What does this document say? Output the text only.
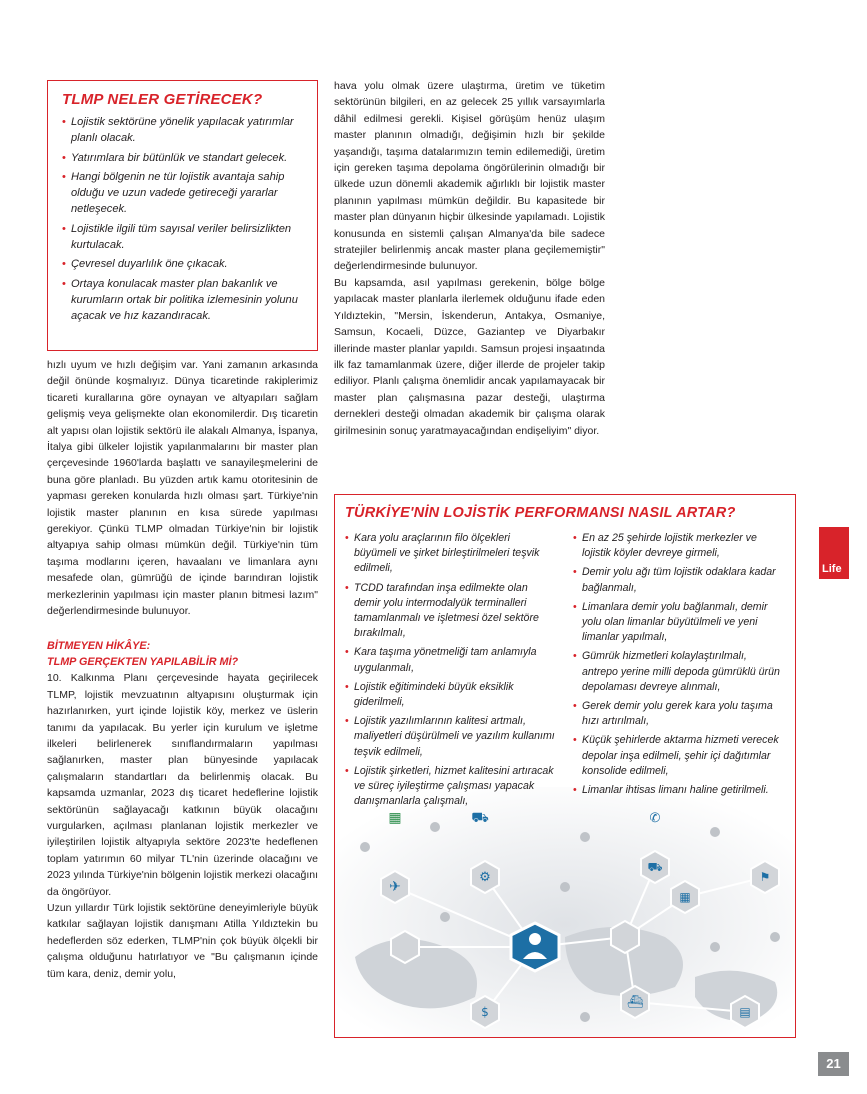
TLMP NELER GETİRECEK?
• Lojistik sektörüne yönelik yapılacak yatırımlar planlı olacak.
• Yatırımlara bir bütünlük ve standart gelecek.
• Hangi bölgenin ne tür lojistik avantaja sahip olduğu ve uzun vadede getireceği yararlar netleşecek.
• Lojistikle ilgili tüm sayısal veriler belirsizlikten kurtulacak.
• Çevresel duyarlılık öne çıkacak.
• Ortaya konulacak master plan bakanlık ve kurumların ortak bir politika izlemesinin yolunu açacak ve hız kazandıracak.

hızlı uyum ve hızlı değişim var. Yani zamanın arkasında değil önünde koşmalıyız. Dünya ticaretinde rakiplerimiz ticareti kurallarına göre oynayan ve altyapıları sağlam gelişmiş veya gelişmekte olan ekonomilerdir. Dış ticaretin alt yapısı olan lojistik sektörü ile alakalı Almanya, İspanya, İtalya gibi ülkeler lojistik yapılanmalarını bir master plan çerçevesinde 1960'larda başlattı ve sanayileşmelerini de buna göre planladı. Bu yüzden artık kamu otoritesinin de yapması gereken konularda hızlı olması şart. Türkiye'nin lojistik master planının en kısa sürede yapılması gerekiyor. Çünkü TLMP olmadan Türkiye'nin bir lojistik altyapıya sahip olması mümkün değil. Türkiye'nin tüm taşıma modlarını içeren, havaalanı ve limanlara aynı mesafede olan, gümrüğü de içinde barındıran lojistik merkezlerinin yapılması için master planın bitmesi lazım" değerlendirmesinde bulunuyor.

BİTMEYEN HİKÂYE:
TLMP GERÇEKTEN YAPILABİLİR Mİ?

10. Kalkınma Planı çerçevesinde hayata geçirilecek TLMP, lojistik mevzuatının altyapısını oluşturmak için hazırlanırken, yurt içinde lojistik köy, merkez ve üslerin tanımı da yapılacak. Bu yerler için kurulum ve işletme ilkeleri belirlenerek sınıflandırmaların yapılması sağlanırken, master plan bünyesinde yapılacak çalışmaların standartları da belirlenmiş olacak. Bu kapsamda uzmanlar, 2023 dış ticaret hedeflerine lojistik sektörünün sağlayacağı katkının büyük olacağını vurgularken, açılması planlanan lojistik merkezler ve iyileştirilen lojistik altyapıyla sektöre 2023'te hedeflenen toplam yatırımın 60 milyar TL'nin üzerinde olacağını ve 2023 yılında Türkiye'nin bölgenin lojistik merkezi olacağını da öngörüyor.

Uzun yıllardır Türk lojistik sektörüne deneyimleriyle büyük katkılar sağlayan lojistik danışmanı Atilla Yıldıztekin bu hedeflerden söz ederken, TLMP'nin çok büyük ölçekli bir çalışma olduğunu hatırlatıyor ve "Bu çalışmanın içinde tüm kara, deniz, demir yolu,

hava yolu olmak üzere ulaştırma, üretim ve tüketim sektörünün bilgileri, en az gelecek 25 yıllık varsayımlarla dâhil edilmesi gerekli. Kişisel görüşüm henüz ulaşım master planının olmadığı, değişimin hızlı bir şekilde yaşandığı, taşıma datalarımızın temin edilemediği, üretim için gereken taşıma depolama öngörülerinin olmadığı bir ülkede uzun dönemli akademik ağırlıklı bir lojistik master planının yapılması mümkün değildir. Bu kapasitede bir master plan dünyanın hiçbir ülkesinde yapılamadı. Lojistik konusunda en sistemli çalışan Almanya'da bile sadece stratejiler belirlenmiş ancak master plana geçilememiştir" değerlendirmesinde bulunuyor.

Bu kapsamda, asıl yapılması gerekenin, bölge bölge yapılacak master planlarla ilerlemek olduğunu ifade eden Yıldıztekin, "Mersin, İskenderun, Antakya, Osmaniye, Samsun, Kocaeli, Düzce, Gaziantep ve Diyarbakır illerinde master planlar yapıldı. Samsun projesi inşaatında ilk faz tamamlanmak üzere, diğer illerde de projeler takip ediliyor. Planlı çalışma önemlidir ancak yapılamayacak bir master plan çalışmasına pazar desteği, ulaştırma dernekleri desteği olmadan akademik bir çalışma olarak girilmesinin sonuç yaratmayacağından endişeliyim" diyor.

TÜRKİYE'NİN LOJİSTİK PERFORMANSI NASIL ARTAR?
• Kara yolu araçlarının filo ölçekleri büyümeli ve şirket birleştirilmeleri teşvik edilmeli,
• TCDD tarafından inşa edilmekte olan demir yolu intermodalyük terminalleri tamamlanmalı ve işletmesi özel sektöre bırakılmalı,
• Kara taşıma yönetmeliği tam anlamıyla uygulanmalı,
• Lojistik eğitimindeki büyük eksiklik giderilmeli,
• Lojistik yazılımlarının kalitesi artmalı, maliyetleri düşürülmeli ve yazılım kullanımı teşvik edilmeli,
• Lojistik şirketleri, hizmet kalitesini artıracak ve süreç iyileştirme çalışması yapacak danışmanlarla çalışmalı,
• En az 25 şehirde lojistik merkezler ve lojistik köyler devreye girmeli,
• Demir yolu ağı tüm lojistik odaklara kadar bağlanmalı,
• Limanlara demir yolu bağlanmalı, demir yolu olan limanlar büyütülmeli ve yeni limanlar yapılmalı,
• Gümrük hizmetleri kolaylaştırılmalı, antrepo yerine milli depoda gümrüklü ürün depolaması devreye alınmalı,
• Gerek demir yolu gerek kara yolu taşıma hızı artırılmalı,
• Küçük şehirlerde aktarma hizmeti verecek depolar inşa edilmeli, şehir içi dağıtımlar konsolide edilmeli,
• Limanlar ihtisas limanı haline getirilmeli.
✈
⚙
⛟
▦
⛴
$	▤
⚑
▦	⛟	✆
Life
21
